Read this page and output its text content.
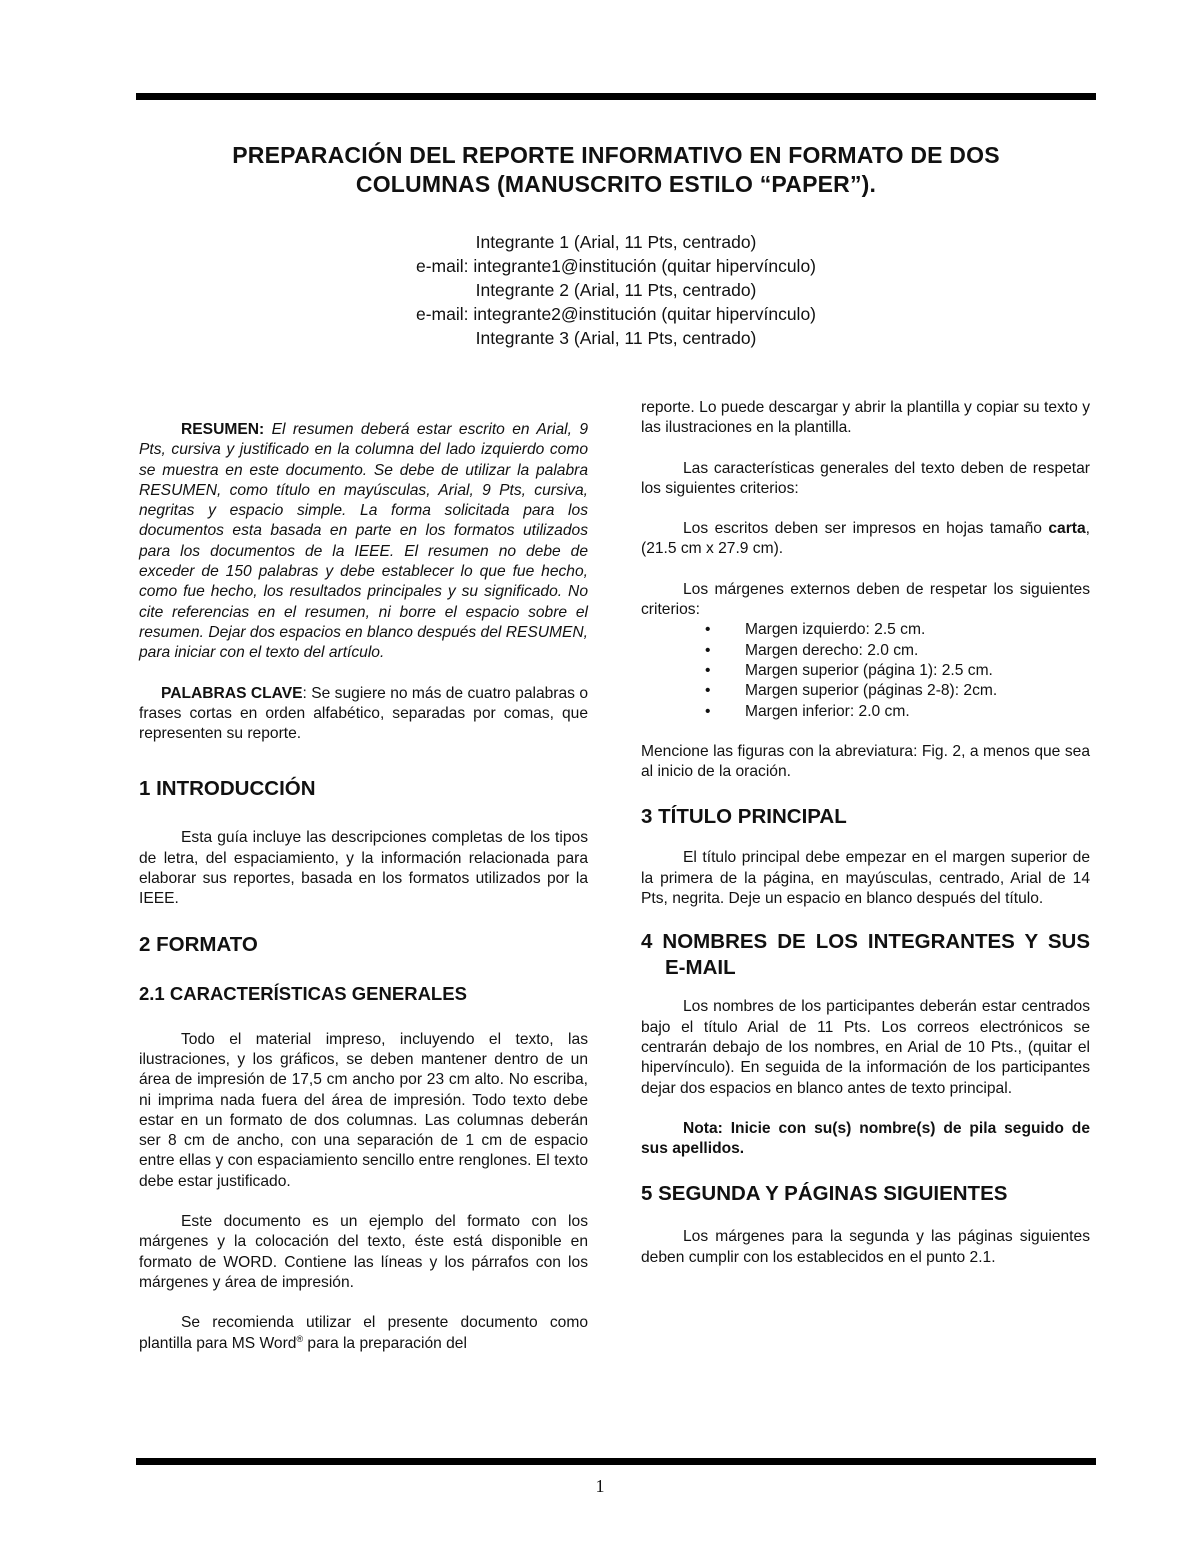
PREPARACIÓN DEL REPORTE INFORMATIVO EN FORMATO DE DOS
COLUMNAS (MANUSCRITO ESTILO “PAPER”).
Integrante 1 (Arial, 11 Pts, centrado)
e-mail: integrante1@institución (quitar hipervínculo)
Integrante 2 (Arial, 11 Pts, centrado)
e-mail: integrante2@institución (quitar hipervínculo)
Integrante 3 (Arial, 11 Pts, centrado)

RESUMEN: El resumen deberá estar escrito en Arial, 9 Pts, cursiva y justificado en la columna del lado izquierdo como se muestra en este documento. Se debe de utilizar la palabra RESUMEN, como título en mayúsculas, Arial, 9 Pts, cursiva, negritas y espacio simple. La forma solicitada para los documentos esta basada en parte en los formatos utilizados para los documentos de la IEEE. El resumen no debe de exceder de 150 palabras y debe establecer lo que fue hecho, como fue hecho, los resultados principales y su significado. No cite referencias en el resumen, ni borre el espacio sobre el resumen. Dejar dos espacios en blanco después del RESUMEN, para iniciar con el texto del artículo.

PALABRAS CLAVE: Se sugiere no más de cuatro palabras o frases cortas en orden alfabético, separadas por comas, que representen su reporte.

1 INTRODUCCIÓN

Esta guía incluye las descripciones completas de los tipos de letra, del espaciamiento, y la información relacionada para elaborar sus reportes, basada en los formatos utilizados por la IEEE.

2 FORMATO
2.1 CARACTERÍSTICAS GENERALES

Todo el material impreso, incluyendo el texto, las ilustraciones, y los gráficos, se deben mantener dentro de un área de impresión de 17,5 cm ancho por 23 cm alto. No escriba, ni imprima nada fuera del área de impresión. Todo texto debe estar en un formato de dos columnas. Las columnas deberán ser 8 cm de ancho, con una separación de 1 cm de espacio entre ellas y con espaciamiento sencillo entre renglones. El texto debe estar justificado.

Este documento es un ejemplo del formato con los márgenes y la colocación del texto, éste está disponible en formato de WORD. Contiene las líneas y los párrafos con los márgenes y área de impresión.

Se recomienda utilizar el presente documento como plantilla para MS Word® para la preparación del

reporte. Lo puede descargar y abrir la plantilla y copiar su texto y las ilustraciones en la plantilla.

Las características generales del texto deben de respetar los siguientes criterios:

Los escritos deben ser impresos en hojas tamaño carta, (21.5 cm x 27.9 cm).

Los márgenes externos deben de respetar los siguientes criterios:

•	Margen izquierdo: 2.5 cm.
•	Margen derecho: 2.0 cm.
•	Margen superior (página 1): 2.5 cm.
•	Margen superior (páginas 2-8): 2cm.
•	Margen inferior: 2.0 cm.

Mencione las figuras con la abreviatura: Fig. 2, a menos que sea al inicio de la oración.

3 TÍTULO PRINCIPAL

El título principal debe empezar en el margen superior de la primera de la página, en mayúsculas, centrado, Arial de 14 Pts, negrita. Deje un espacio en blanco después del título.

4 NOMBRES DE LOS INTEGRANTES Y SUS E-MAIL

Los nombres de los participantes deberán estar centrados bajo el título Arial de 11 Pts. Los correos electrónicos se centrarán debajo de los nombres, en Arial de 10 Pts., (quitar el hipervínculo). En seguida de la información de los participantes dejar dos espacios en blanco antes de texto principal.

Nota: Inicie con su(s) nombre(s) de pila seguido de sus apellidos.

5 SEGUNDA Y PÁGINAS SIGUIENTES

Los márgenes para la segunda y las páginas siguientes deben cumplir con los establecidos en el punto 2.1.

1
